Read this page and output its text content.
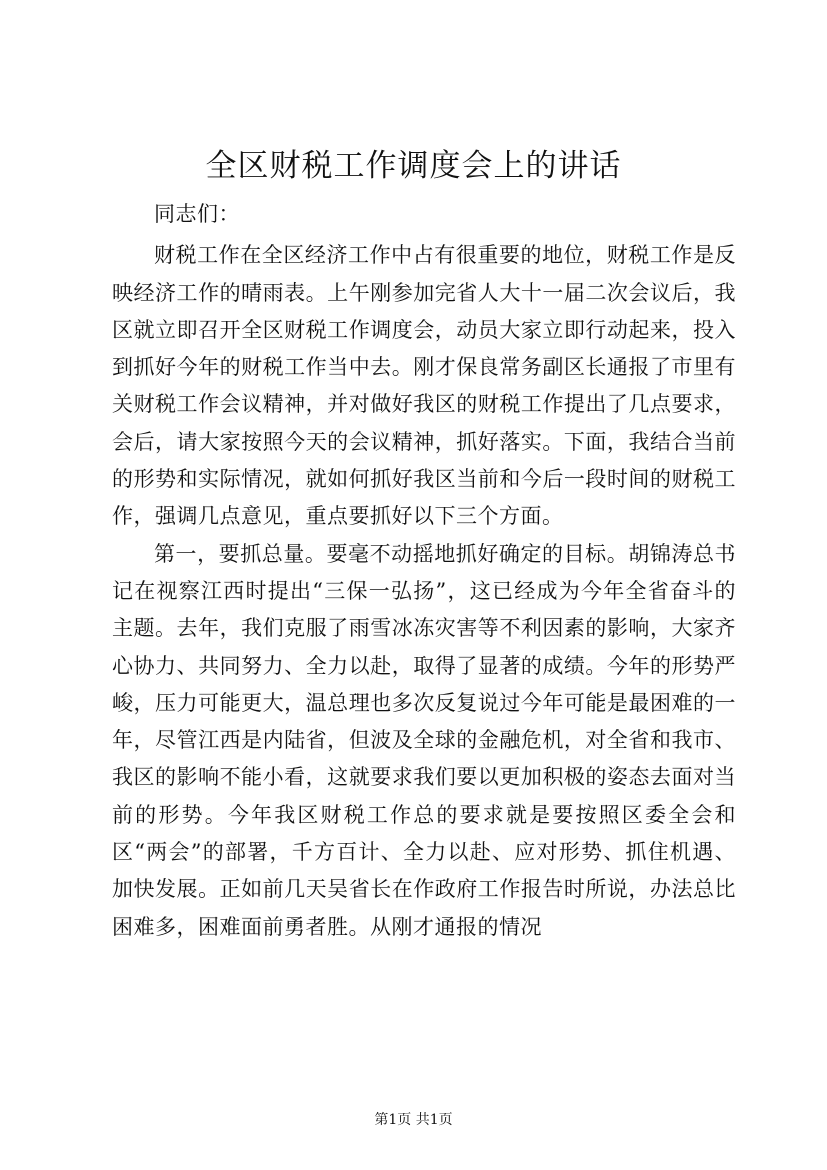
全区财税工作调度会上的讲话
同志们：

财税工作在全区经济工作中占有很重要的地位，财税工作是反映经济工作的晴雨表。上午刚参加完省人大十一届二次会议后，我区就立即召开全区财税工作调度会，动员大家立即行动起来，投入到抓好今年的财税工作当中去。刚才保良常务副区长通报了市里有关财税工作会议精神，并对做好我区的财税工作提出了几点要求，会后，请大家按照今天的会议精神，抓好落实。下面，我结合当前的形势和实际情况，就如何抓好我区当前和今后一段时间的财税工作，强调几点意见，重点要抓好以下三个方面。

第一，要抓总量。要毫不动摇地抓好确定的目标。胡锦涛总书记在视察江西时提出“三保一弘扬”，这已经成为今年全省奋斗的主题。去年，我们克服了雨雪冰冻灾害等不利因素的影响，大家齐心协力、共同努力、全力以赴，取得了显著的成绩。今年的形势严峻，压力可能更大，温总理也多次反复说过今年可能是最困难的一年，尽管江西是内陆省，但波及全球的金融危机，对全省和我市、我区的影响不能小看，这就要求我们要以更加积极的姿态去面对当前的形势。今年我区财税工作总的要求就是要按照区委全会和区“两会”的部署，千方百计、全力以赴、应对形势、抓住机遇、加快发展。正如前几天吴省长在作政府工作报告时所说，办法总比困难多，困难面前勇者胜。从刚才通报的情况

第1页 共1页
